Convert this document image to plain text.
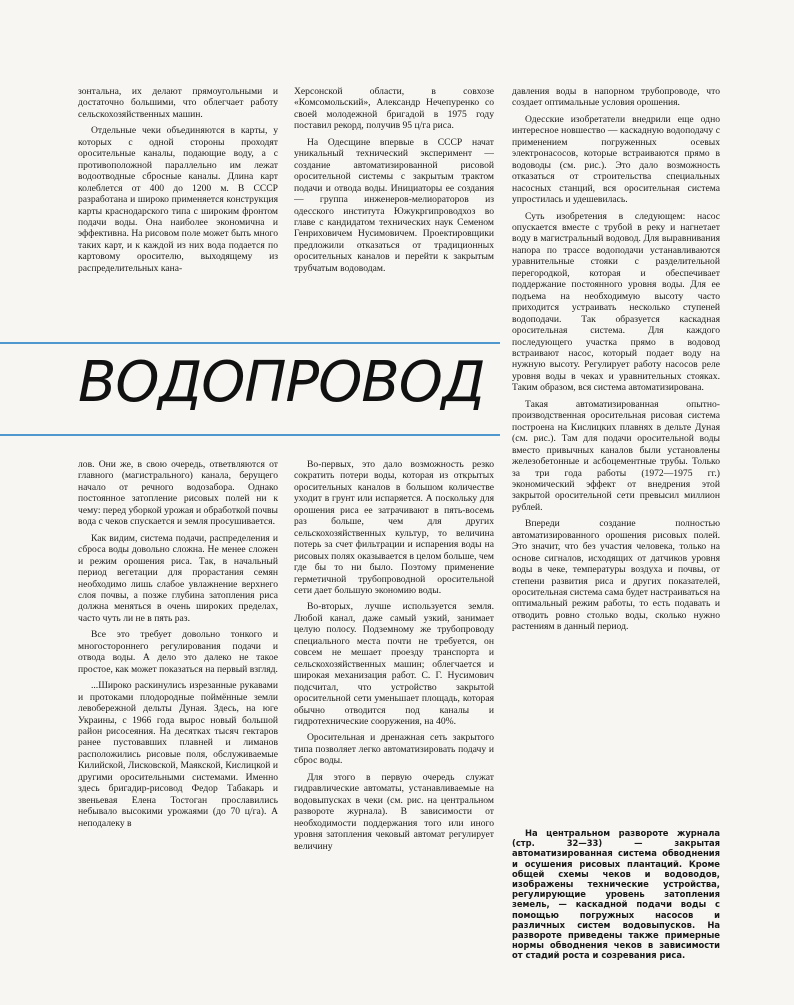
зонтальна, их делают прямоугольными и достаточно большими, что облегчает работу сельскохозяйственных машин.

Отдельные чеки объединяются в карты, у которых с одной стороны проходят оросительные каналы, подающие воду, а с противоположной параллельно им лежат водоотводные сбросные каналы. Длина карт колеблется от 400 до 1200 м. В СССР разработана и широко применяется конструкция карты краснодарского типа с широким фронтом подачи воды. Она наиболее экономична и эффективна. На рисовом поле может быть много таких карт, и к каждой из них вода подается по картовому оросителю, выходящему из распределительных кана-

Херсонской области, в совхозе «Комсомольский», Александр Нечепуренко со своей молодежной бригадой в 1975 году поставил рекорд, получив 95 ц/га риса.

На Одесщине впервые в СССР начат уникальный технический эксперимент — создание автоматизированной рисовой оросительной системы с закрытым трактом подачи и отвода воды. Инициаторы ее создания — группа инженеров-мелиораторов из одесского института Южукргипроводхоз во главе с кандидатом технических наук Семеном Генриховичем Нусимовичем. Проектировщики предложили отказаться от традиционных оросительных каналов и перейти к закрытым трубчатым водоводам.

ВОДОПРОВОД

лов. Они же, в свою очередь, ответвляются от главного (магистрального) канала, берущего начало от речного водозабора. Однако постоянное затопление рисовых полей ни к чему: перед уборкой урожая и обработкой почвы вода с чеков спускается и земля просушивается.

Как видим, система подачи, распределения и сброса воды довольно сложна. Не менее сложен и режим орошения риса. Так, в начальный период вегетации для прорастания семян необходимо лишь слабое увлажнение верхнего слоя почвы, а позже глубина затопления риса должна меняться в очень широких пределах, часто чуть ли не в пять раз.

Все это требует довольно тонкого и многостороннего регулирования подачи и отвода воды. А дело это далеко не такое простое, как может показаться на первый взгляд.

...Широко раскинулись изрезанные рукавами и протоками плодородные поймённые земли левобережной дельты Дуная. Здесь, на юге Украины, с 1966 года вырос новый большой район рисосеяния. На десятках тысяч гектаров ранее пустовавших плавней и лиманов расположились рисовые поля, обслуживаемые Килийской, Лисковской, Маякской, Кислицкой и другими оросительными системами. Именно здесь бригадир-рисовод Федор Табакарь и звеньевая Елена Тостоган прославились небывало высокими урожаями (до 70 ц/га). А неподалеку в

Во-первых, это дало возможность резко сократить потери воды, которая из открытых оросительных каналов в большом количестве уходит в грунт или испаряется. А поскольку для орошения риса ее затрачивают в пять-восемь раз больше, чем для других сельскохозяйственных культур, то величина потерь за счет фильтрации и испарения воды на рисовых полях оказывается в целом больше, чем где бы то ни было. Поэтому применение герметичной трубопроводной оросительной сети дает большую экономию воды.

Во-вторых, лучше используется земля. Любой канал, даже самый узкий, занимает целую полосу. Подземному же трубопроводу специального места почти не требуется, он совсем не мешает проезду транспорта и сельскохозяйственных машин; облегчается и широкая механизация работ. С. Г. Нусимович подсчитал, что устройство закрытой оросительной сети уменьшает площадь, которая обычно отводится под каналы и гидротехнические сооружения, на 40%.

Оросительная и дренажная сеть закрытого типа позволяет легко автоматизировать подачу и сброс воды.

Для этого в первую очередь служат гидравлические автоматы, устанавливаемые на водовыпусках в чеки (см. рис. на центральном развороте журнала). В зависимости от необходимости поддержания того или иного уровня затопления чековый автомат регулирует величину

давления воды в напорном трубопроводе, что создает оптимальные условия орошения.

Одесские изобретатели внедрили еще одно интересное новшество — каскадную водоподачу с применением погруженных осевых электронасосов, которые встраиваются прямо в водоводы (см. рис.). Это дало возможность отказаться от строительства специальных насосных станций, вся оросительная система упростилась и удешевилась.

Суть изобретения в следующем: насос опускается вместе с трубой в реку и нагнетает воду в магистральный водовод. Для выравнивания напора по трассе водоподачи устанавливаются уравнительные стояки с разделительной перегородкой, которая и обеспечивает поддержание постоянного уровня воды. Для ее подъема на необходимую высоту часто приходится устраивать несколько ступеней водоподачи. Так образуется каскадная оросительная система. Для каждого последующего участка прямо в водовод встраивают насос, который подает воду на нужную высоту. Регулирует работу насосов реле уровня воды в чеках и уравнительных стояках. Таким образом, вся система автоматизирована.

Такая автоматизированная опытно-производственная оросительная рисовая система построена на Кислицких плавнях в дельте Дуная (см. рис.). Там для подачи оросительной воды вместо привычных каналов были установлены железобетонные и асбоцементные трубы. Только за три года работы (1972—1975 гг.) экономический эффект от внедрения этой закрытой оросительной сети превысил миллион рублей.

Впереди создание полностью автоматизированного орошения рисовых полей. Это значит, что без участия человека, только на основе сигналов, исходящих от датчиков уровня воды в чеке, температуры воздуха и почвы, от степени развития риса и других показателей, оросительная система сама будет настраиваться на оптимальный режим работы, то есть подавать и отводить ровно столько воды, сколько нужно растениям в данный период.

На центральном развороте журнала (стр. 32—33) — закрытая автоматизированная система обводнения и осушения рисовых плантаций. Кроме общей схемы чеков и водоводов, изображены технические устройства, регулирующие уровень затопления земель, — каскадной подачи воды с помощью погружных насосов и различных систем водовыпусков. На развороте приведены также примерные нормы обводнения чеков в зависимости от стадий роста и созревания риса.
